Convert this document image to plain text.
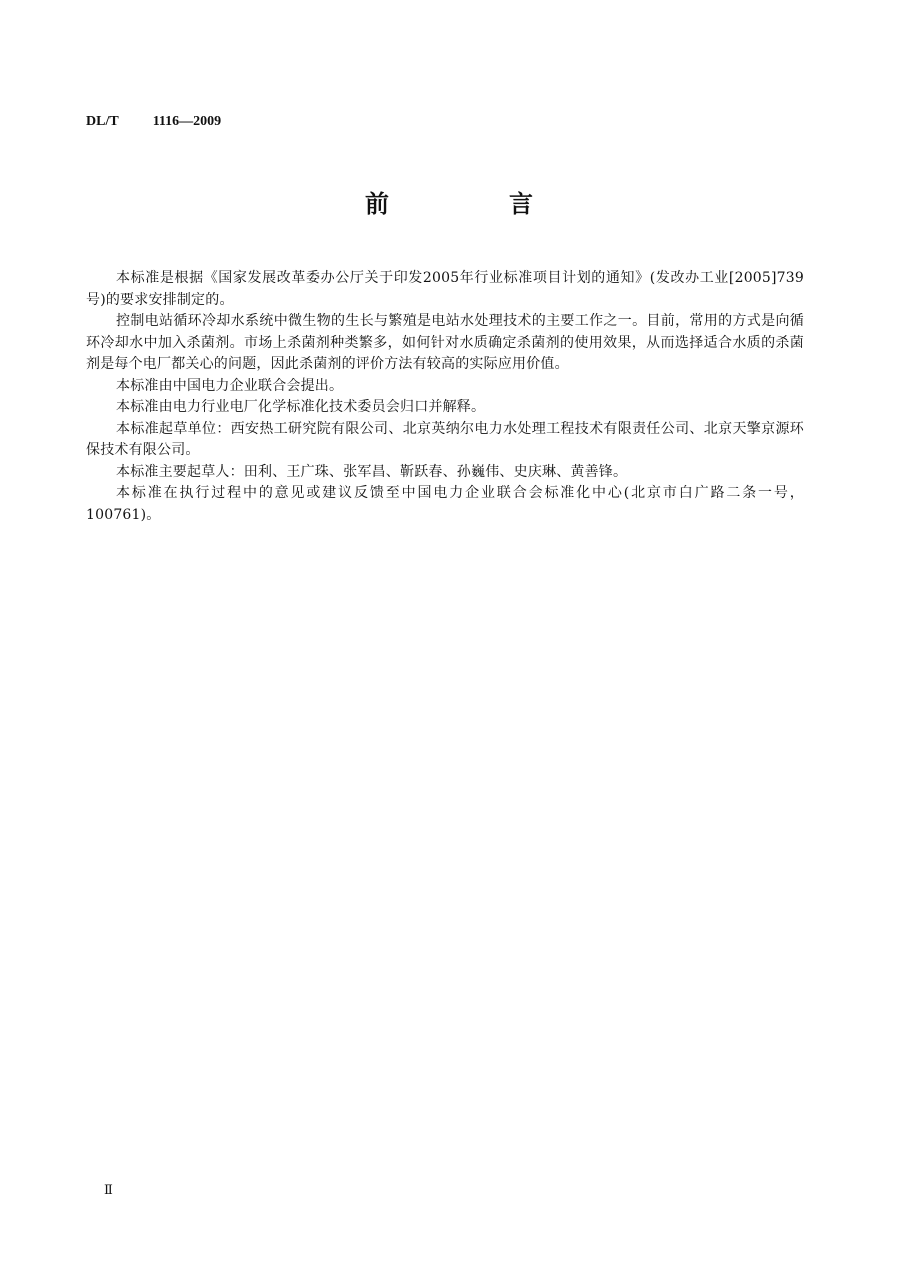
DL/T 1116—2009
前　言

本标准是根据《国家发展改革委办公厅关于印发2005年行业标准项目计划的通知》(发改办工业[2005]739号)的要求安排制定的。

控制电站循环冷却水系统中微生物的生长与繁殖是电站水处理技术的主要工作之一。目前，常用的方式是向循环冷却水中加入杀菌剂。市场上杀菌剂种类繁多，如何针对水质确定杀菌剂的使用效果，从而选择适合水质的杀菌剂是每个电厂都关心的问题，因此杀菌剂的评价方法有较高的实际应用价值。

本标准由中国电力企业联合会提出。

本标准由电力行业电厂化学标准化技术委员会归口并解释。

本标准起草单位：西安热工研究院有限公司、北京英纳尔电力水处理工程技术有限责任公司、北京天擎京源环保技术有限公司。

本标准主要起草人：田利、王广珠、张军昌、靳跃春、孙巍伟、史庆琳、黄善锋。

本标准在执行过程中的意见或建议反馈至中国电力企业联合会标准化中心(北京市白广路二条一号，100761)。

Ⅱ
